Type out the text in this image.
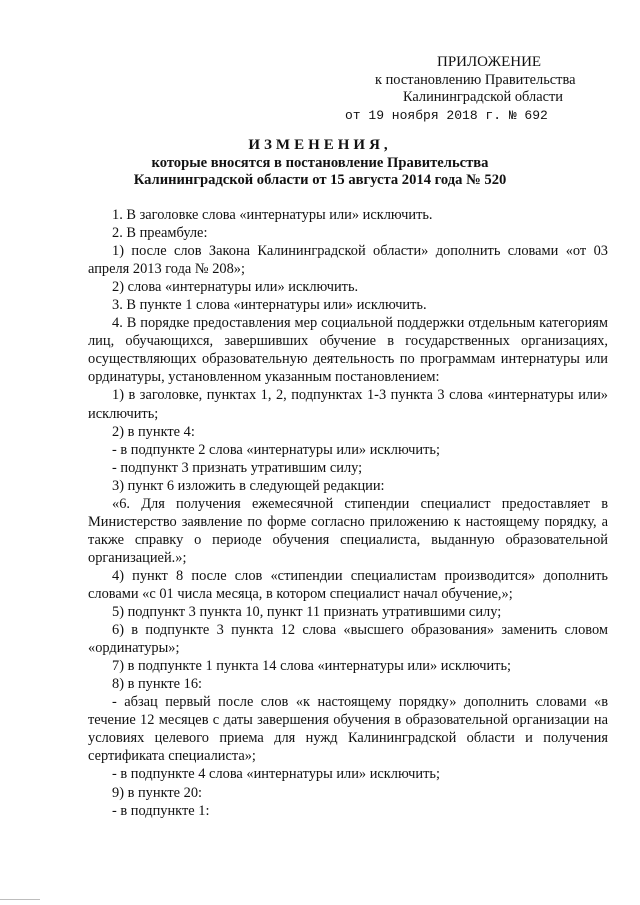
ПРИЛОЖЕНИЕ
к постановлению Правительства
Калининградской области
от 19 ноября 2018 г. № 692
ИЗМЕНЕНИЯ,
которые вносятся в постановление Правительства
Калининградской области от 15 августа 2014 года № 520

1. В заголовке слова «интернатуры или» исключить.

2. В преамбуле:

1) после слов Закона Калининградской области» дополнить словами «от 03 апреля 2013 года № 208»;

2) слова «интернатуры или» исключить.

3. В пункте 1 слова «интернатуры или» исключить.

4. В порядке предоставления мер социальной поддержки отдельным категориям лиц, обучающихся, завершивших обучение в государственных организациях, осуществляющих образовательную деятельность по программам интернатуры или ординатуры, установленном указанным постановлением:

1) в заголовке, пунктах 1, 2, подпунктах 1-3 пункта 3 слова «интернатуры или» исключить;

2) в пункте 4:

- в подпункте 2 слова «интернатуры или» исключить;

- подпункт 3 признать утратившим силу;

3) пункт 6 изложить в следующей редакции:

«6. Для получения ежемесячной стипендии специалист предоставляет в Министерство заявление по форме согласно приложению к настоящему порядку, а также справку о периоде обучения специалиста, выданную образовательной организацией.»;

4) пункт 8 после слов «стипендии специалистам производится» дополнить словами «с 01 числа месяца, в котором специалист начал обучение,»;

5) подпункт 3 пункта 10, пункт 11 признать утратившими силу;

6) в подпункте 3 пункта 12 слова «высшего образования» заменить словом «ординатуры»;

7) в подпункте 1 пункта 14 слова «интернатуры или» исключить;

8) в пункте 16:

- абзац первый после слов «к настоящему порядку» дополнить словами «в течение 12 месяцев с даты завершения обучения в образовательной организации на условиях целевого приема для нужд Калининградской области и получения сертификата специалиста»;

- в подпункте 4 слова «интернатуры или» исключить;

9) в пункте 20:

- в подпункте 1:
